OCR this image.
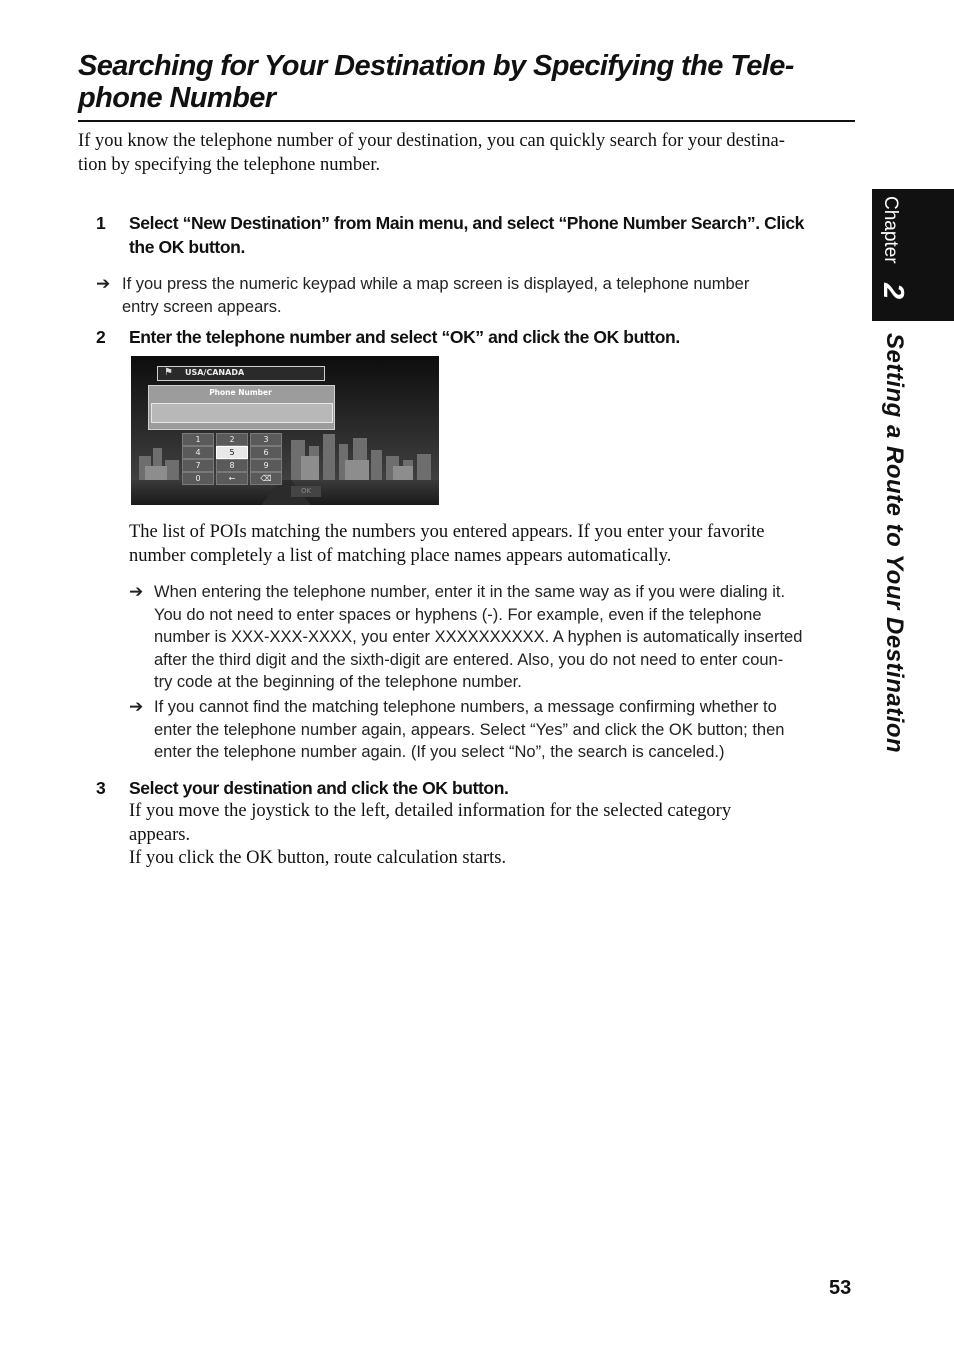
Searching for Your Destination by Specifying the Tele-
phone Number

If you know the telephone number of your destination, you can quickly search for your destina-
tion by specifying the telephone number.

1 Select “New Destination” from Main menu, and select “Phone Number Search”. Click
the OK button.
➔ If you press the numeric keypad while a map screen is displayed, a telephone number
entry screen appears.
2 Enter the telephone number and select “OK” and click the OK button.
⚑ USA/CANADA
Phone Number
1	2	3
4	5	6
7	8	9
0	←	⌫
OK
The list of POIs matching the numbers you entered appears. If you enter your favorite
number completely a list of matching place names appears automatically.
➔ When entering the telephone number, enter it in the same way as if you were dialing it.
You do not need to enter spaces or hyphens (-). For example, even if the telephone
number is XXX-XXX-XXXX, you enter XXXXXXXXXX. A hyphen is automatically inserted
after the third digit and the sixth-digit are entered. Also, you do not need to enter coun-
try code at the beginning of the telephone number.
➔ If you cannot find the matching telephone numbers, a message confirming whether to
enter the telephone number again, appears. Select “Yes” and click the OK button; then
enter the telephone number again. (If you select “No”, the search is canceled.)
3 Select your destination and click the OK button.
If you move the joystick to the left, detailed information for the selected category
appears.
If you click the OK button, route calculation starts.
Chapter
2
Setting a Route to Your Destination
53
